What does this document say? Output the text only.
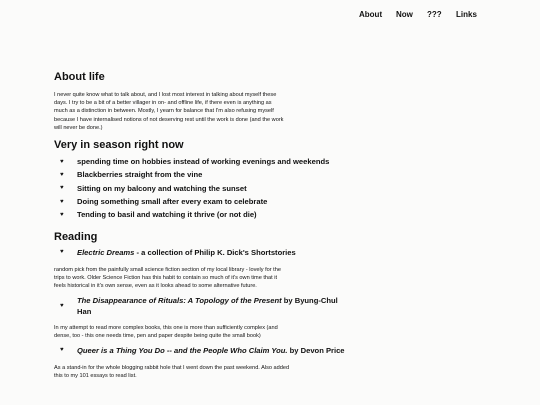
About	Now	???	Links
About life

I never quite know what to talk about, and I lost most interest in talking about myself these days. I try to be a bit of a better villager in on- and offline life, if there even is anything as much as a distinction in between. Mostly, I yearn for balance that I'm also refusing myself because I have internalised notions of not deserving rest until the work is done (and the work will never be done.)

Very in season right now
♥	spending time on hobbies instead of working evenings and weekends
♥	Blackberries straight from the vine
♥	Sitting on my balcony and watching the sunset
♥	Doing something small after every exam to celebrate
♥	Tending to basil and watching it thrive (or not die)
Reading
♥	Electric Dreams - a collection of Philip K. Dick's Shortstories

random pick from the painfully small science fiction section of my local library - lovely for the trips to work. Older Science Fiction has this habit to contain so much of it's own time that it feels historical in it's own sense, even as it looks ahead to some alternative future.

♥
The Disappearance of Rituals: A Topology of the Present by Byung-Chul Han

In my attempt to read more complex books, this one is more than sufficiently complex (and dense, too - this one needs time, pen and paper despite being quite the small book)

♥	Queer is a Thing You Do -- and the People Who Claim You. by Devon Price

As a stand-in for the whole blogging rabbit hole that I went down the past weekend. Also added this to my 101 essays to read list.
